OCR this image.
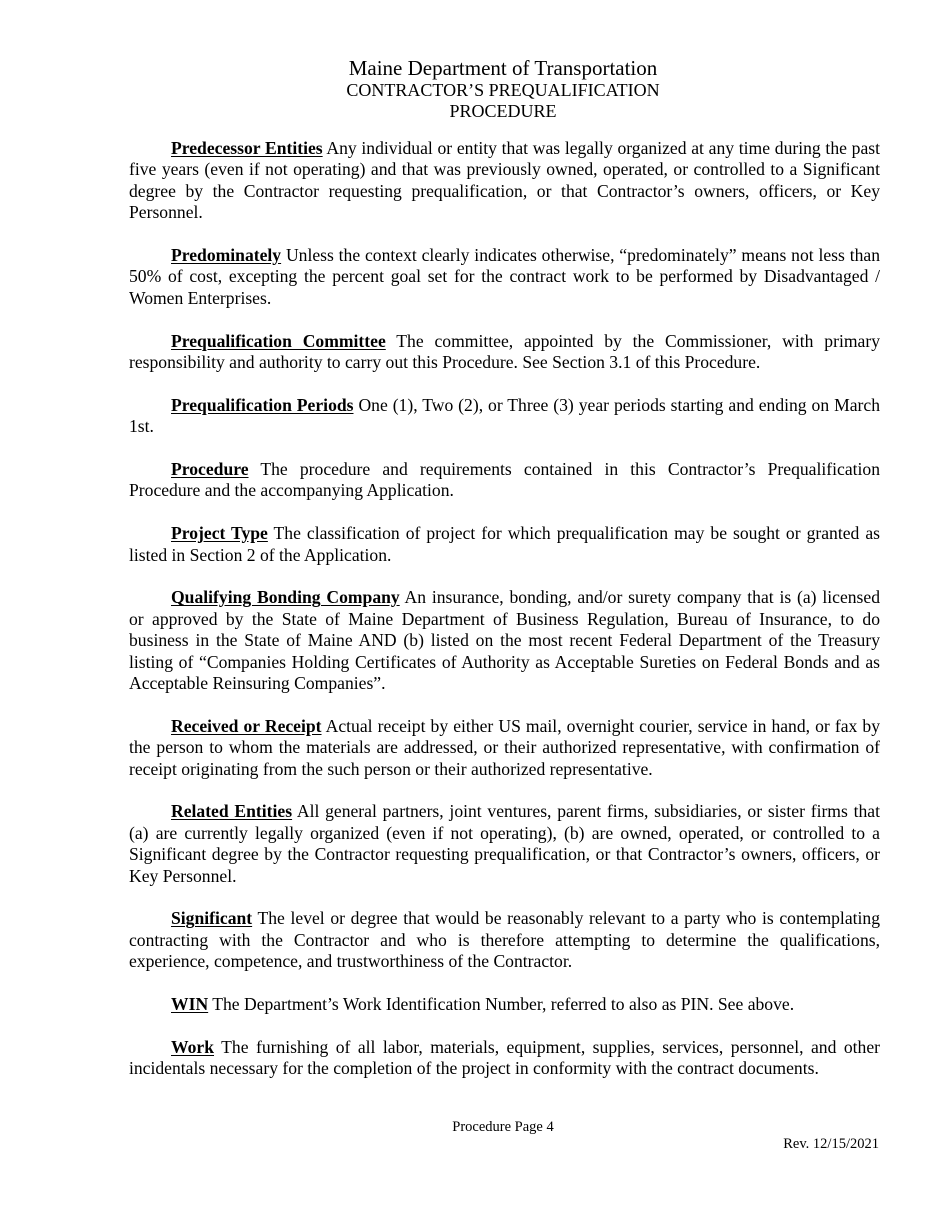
Maine Department of Transportation
CONTRACTOR’S PREQUALIFICATION
PROCEDURE

Predecessor Entities Any individual or entity that was legally organized at any time during the past five years (even if not operating) and that was previously owned, operated, or controlled to a Significant degree by the Contractor requesting prequalification, or that Contractor’s owners, officers, or Key Personnel.

Predominately Unless the context clearly indicates otherwise, “predominately” means not less than 50% of cost, excepting the percent goal set for the contract work to be performed by Disadvantaged / Women Enterprises.

Prequalification Committee The committee, appointed by the Commissioner, with primary responsibility and authority to carry out this Procedure. See Section 3.1 of this Procedure.

Prequalification Periods One (1), Two (2), or Three (3) year periods starting and ending on March 1st.

Procedure The procedure and requirements contained in this Contractor’s Prequalification Procedure and the accompanying Application.

Project Type The classification of project for which prequalification may be sought or granted as listed in Section 2 of the Application.

Qualifying Bonding Company An insurance, bonding, and/or surety company that is (a) licensed or approved by the State of Maine Department of Business Regulation, Bureau of Insurance, to do business in the State of Maine AND (b) listed on the most recent Federal Department of the Treasury listing of “Companies Holding Certificates of Authority as Acceptable Sureties on Federal Bonds and as Acceptable Reinsuring Companies”.

Received or Receipt Actual receipt by either US mail, overnight courier, service in hand, or fax by the person to whom the materials are addressed, or their authorized representative, with confirmation of receipt originating from the such person or their authorized representative.

Related Entities All general partners, joint ventures, parent firms, subsidiaries, or sister firms that (a) are currently legally organized (even if not operating), (b) are owned, operated, or controlled to a Significant degree by the Contractor requesting prequalification, or that Contractor’s owners, officers, or Key Personnel.

Significant The level or degree that would be reasonably relevant to a party who is contemplating contracting with the Contractor and who is therefore attempting to determine the qualifications, experience, competence, and trustworthiness of the Contractor.

WIN The Department’s Work Identification Number, referred to also as PIN. See above.

Work The furnishing of all labor, materials, equipment, supplies, services, personnel, and other incidentals necessary for the completion of the project in conformity with the contract documents.

Procedure Page 4
Rev. 12/15/2021
